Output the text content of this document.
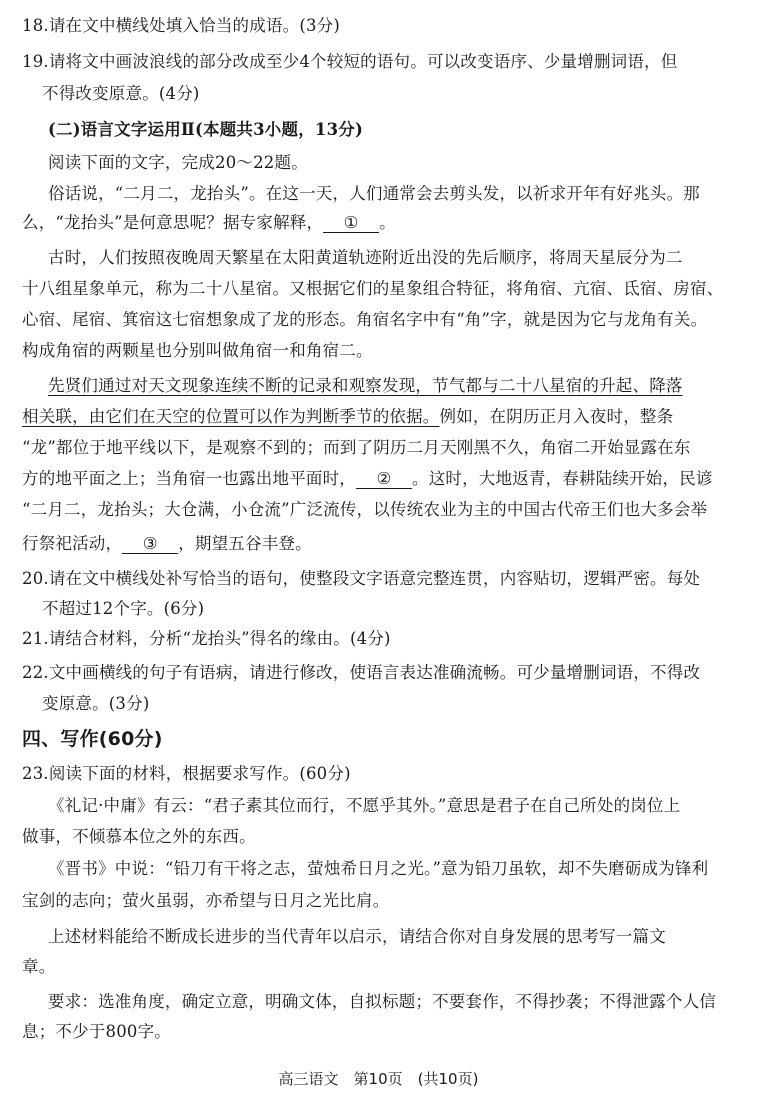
18.请在文中横线处填入恰当的成语。(3分)
19.请将文中画波浪线的部分改成至少4个较短的语句。可以改变语序、少量增删词语，但
不得改变原意。(4分)
(二)语言文字运用Ⅱ(本题共3小题，13分)
阅读下面的文字，完成20～22题。
俗话说，“二月二，龙抬头”。在这一天，人们通常会去剪头发，以祈求开年有好兆头。那
么，“龙抬头”是何意思呢？据专家解释， ① 。
古时，人们按照夜晚周天繁星在太阳黄道轨迹附近出没的先后顺序，将周天星辰分为二
十八组星象单元，称为二十八星宿。又根据它们的星象组合特征，将角宿、亢宿、氐宿、房宿、
心宿、尾宿、箕宿这七宿想象成了龙的形态。角宿名字中有“角”字，就是因为它与龙角有关。
构成角宿的两颗星也分别叫做角宿一和角宿二。
先贤们通过对天文现象连续不断的记录和观察发现，节气都与二十八星宿的升起、降落
相关联，由它们在天空的位置可以作为判断季节的依据。例如，在阴历正月入夜时，整条
“龙”都位于地平线以下，是观察不到的；而到了阴历二月天刚黑不久，角宿二开始显露在东
方的地平面之上；当角宿一也露出地平面时， ② 。这时，大地返青，春耕陆续开始，民谚
“二月二，龙抬头；大仓满，小仓流”广泛流传，以传统农业为主的中国古代帝王们也大多会举
行祭祀活动， ③ ，期望五谷丰登。
20.请在文中横线处补写恰当的语句，使整段文字语意完整连贯，内容贴切，逻辑严密。每处
不超过12个字。(6分)
21.请结合材料，分析“龙抬头”得名的缘由。(4分)
22.文中画横线的句子有语病，请进行修改，使语言表达准确流畅。可少量增删词语，不得改
变原意。(3分)
四、写作(60分)
23.阅读下面的材料，根据要求写作。(60分)
《礼记·中庸》有云：“君子素其位而行，不愿乎其外。”意思是君子在自己所处的岗位上
做事，不倾慕本位之外的东西。
《晋书》中说：“铅刀有干将之志，萤烛希日月之光。”意为铅刀虽软，却不失磨砺成为锋利
宝剑的志向；萤火虽弱，亦希望与日月之光比肩。
上述材料能给不断成长进步的当代青年以启示，请结合你对自身发展的思考写一篇文
章。
要求：选准角度，确定立意，明确文体，自拟标题；不要套作，不得抄袭；不得泄露个人信
息；不少于800字。
高三语文　第10页　(共10页)
